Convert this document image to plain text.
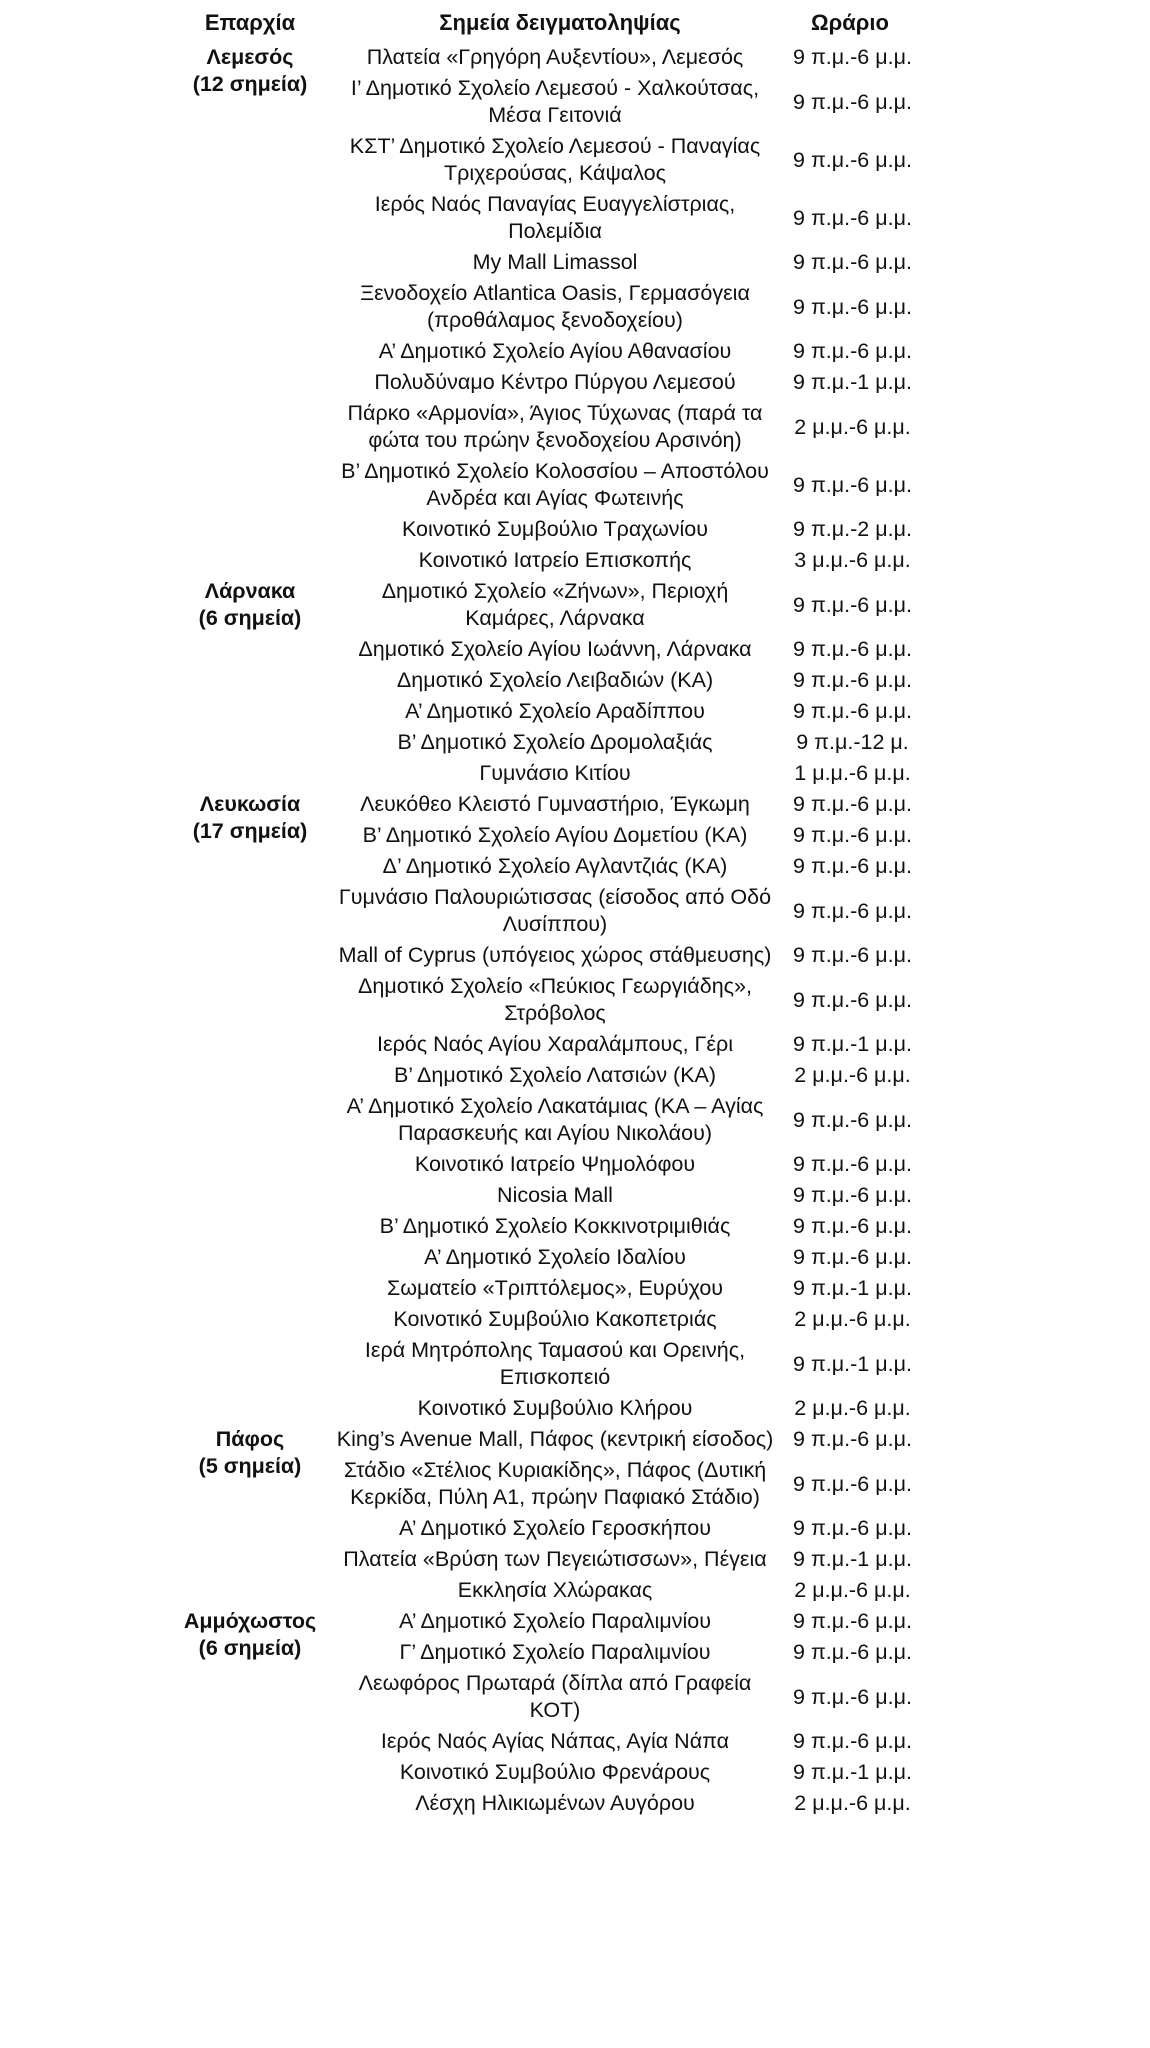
Επαρχία	Σημεία δειγματοληψίας	Ωράριο
Λεμεσός
(12 σημεία)	Πλατεία «Γρηγόρη Αυξεντίου», Λεμεσός	9 π.μ.-6 μ.μ.
	Ι’ Δημοτικό Σχολείο Λεμεσού - Χαλκούτσας, Μέσα Γειτονιά	9 π.μ.-6 μ.μ.
	ΚΣΤ’ Δημοτικό Σχολείο Λεμεσού - Παναγίας Τριχερούσας, Κάψαλος	9 π.μ.-6 μ.μ.
	Ιερός Ναός Παναγίας Ευαγγελίστριας, Πολεμίδια	9 π.μ.-6 μ.μ.
	My Mall Limassol	9 π.μ.-6 μ.μ.
	Ξενοδοχείο Atlantica Oasis, Γερμασόγεια (προθάλαμος ξενοδοχείου)	9 π.μ.-6 μ.μ.
	Α’ Δημοτικό Σχολείο Αγίου Αθανασίου	9 π.μ.-6 μ.μ.
	Πολυδύναμο Κέντρο Πύργου Λεμεσού	9 π.μ.-1 μ.μ.
	Πάρκο «Αρμονία», Άγιος Τύχωνας (παρά τα φώτα του πρώην ξενοδοχείου Αρσινόη)	2 μ.μ.-6 μ.μ.
	Β’ Δημοτικό Σχολείο Κολοσσίου – Αποστόλου Ανδρέα και Αγίας Φωτεινής	9 π.μ.-6 μ.μ.
	Κοινοτικό Συμβούλιο Τραχωνίου	9 π.μ.-2 μ.μ.
	Κοινοτικό Ιατρείο Επισκοπής	3 μ.μ.-6 μ.μ.

Λάρνακα
(6 σημεία)	Δημοτικό Σχολείο «Ζήνων», Περιοχή Καμάρες, Λάρνακα	9 π.μ.-6 μ.μ.
	Δημοτικό Σχολείο Αγίου Ιωάννη, Λάρνακα	9 π.μ.-6 μ.μ.
	Δημοτικό Σχολείο Λειβαδιών (ΚΑ)	9 π.μ.-6 μ.μ.
	Α’ Δημοτικό Σχολείο Αραδίππου	9 π.μ.-6 μ.μ.
	Β’ Δημοτικό Σχολείο Δρομολαξιάς	9 π.μ.-12 μ.
	Γυμνάσιο Κιτίου	1 μ.μ.-6 μ.μ.

Λευκωσία
(17 σημεία)	Λευκόθεο Κλειστό Γυμναστήριο, Έγκωμη	9 π.μ.-6 μ.μ.
	Β’ Δημοτικό Σχολείο Αγίου Δομετίου (ΚΑ)	9 π.μ.-6 μ.μ.
	Δ’ Δημοτικό Σχολείο Αγλαντζιάς (ΚΑ)	9 π.μ.-6 μ.μ.
	Γυμνάσιο Παλουριώτισσας (είσοδος από Οδό Λυσίππου)	9 π.μ.-6 μ.μ.
	Mall of Cyprus (υπόγειος χώρος στάθμευσης)	9 π.μ.-6 μ.μ.
	Δημοτικό Σχολείο «Πεύκιος Γεωργιάδης», Στρόβολος	9 π.μ.-6 μ.μ.
	Ιερός Ναός Αγίου Χαραλάμπους, Γέρι	9 π.μ.-1 μ.μ.
	Β’ Δημοτικό Σχολείο Λατσιών (ΚΑ)	2 μ.μ.-6 μ.μ.
	Α’ Δημοτικό Σχολείο Λακατάμιας (ΚΑ – Αγίας Παρασκευής και Αγίου Νικολάου)	9 π.μ.-6 μ.μ.
	Κοινοτικό Ιατρείο Ψημολόφου	9 π.μ.-6 μ.μ.
	Nicosia Mall	9 π.μ.-6 μ.μ.
	Β’ Δημοτικό Σχολείο Κοκκινοτριμιθιάς	9 π.μ.-6 μ.μ.
	Α’ Δημοτικό Σχολείο Ιδαλίου	9 π.μ.-6 μ.μ.
	Σωματείο «Τριπτόλεμος», Ευρύχου	9 π.μ.-1 μ.μ.
	Κοινοτικό Συμβούλιο Κακοπετριάς	2 μ.μ.-6 μ.μ.
	Ιερά Μητρόπολης Ταμασού και Ορεινής, Επισκοπειό	9 π.μ.-1 μ.μ.
	Κοινοτικό Συμβούλιο Κλήρου	2 μ.μ.-6 μ.μ.

Πάφος
(5 σημεία)	King’s Avenue Mall, Πάφος (κεντρική είσοδος)	9 π.μ.-6 μ.μ.
	Στάδιο «Στέλιος Κυριακίδης», Πάφος (Δυτική Κερκίδα, Πύλη Α1, πρώην Παφιακό Στάδιο)	9 π.μ.-6 μ.μ.
	Α’ Δημοτικό Σχολείο Γεροσκήπου	9 π.μ.-6 μ.μ.
	Πλατεία «Βρύση των Πεγειώτισσων», Πέγεια	9 π.μ.-1 μ.μ.
	Εκκλησία Χλώρακας	2 μ.μ.-6 μ.μ.

Αμμόχωστος
(6 σημεία)	Α’ Δημοτικό Σχολείο Παραλιμνίου	9 π.μ.-6 μ.μ.
	Γ’ Δημοτικό Σχολείο Παραλιμνίου	9 π.μ.-6 μ.μ.
	Λεωφόρος Πρωταρά (δίπλα από Γραφεία ΚΟΤ)	9 π.μ.-6 μ.μ.
	Ιερός Ναός Αγίας Νάπας, Αγία Νάπα	9 π.μ.-6 μ.μ.
	Κοινοτικό Συμβούλιο Φρενάρους	9 π.μ.-1 μ.μ.
	Λέσχη Ηλικιωμένων Αυγόρου	2 μ.μ.-6 μ.μ.
